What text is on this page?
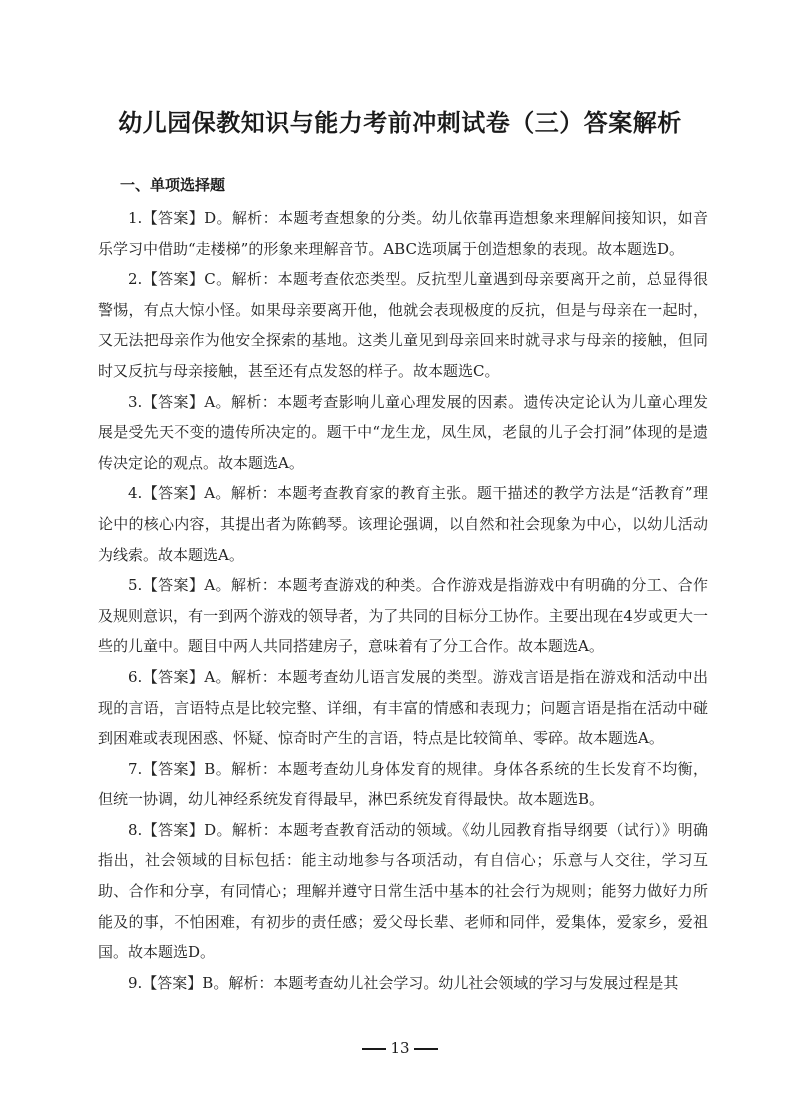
幼儿园保教知识与能力考前冲刺试卷（三）答案解析
一、单项选择题

1.【答案】D。解析：本题考查想象的分类。幼儿依靠再造想象来理解间接知识，如音乐学习中借助“走楼梯”的形象来理解音节。ABC选项属于创造想象的表现。故本题选D。

2.【答案】C。解析：本题考查依恋类型。反抗型儿童遇到母亲要离开之前，总显得很警惕，有点大惊小怪。如果母亲要离开他，他就会表现极度的反抗，但是与母亲在一起时，又无法把母亲作为他安全探索的基地。这类儿童见到母亲回来时就寻求与母亲的接触，但同时又反抗与母亲接触，甚至还有点发怒的样子。故本题选C。

3.【答案】A。解析：本题考查影响儿童心理发展的因素。遗传决定论认为儿童心理发展是受先天不变的遗传所决定的。题干中“龙生龙，凤生凤，老鼠的儿子会打洞”体现的是遗传决定论的观点。故本题选A。

4.【答案】A。解析：本题考查教育家的教育主张。题干描述的教学方法是“活教育”理论中的核心内容，其提出者为陈鹤琴。该理论强调，以自然和社会现象为中心，以幼儿活动为线索。故本题选A。

5.【答案】A。解析：本题考查游戏的种类。合作游戏是指游戏中有明确的分工、合作及规则意识，有一到两个游戏的领导者，为了共同的目标分工协作。主要出现在4岁或更大一些的儿童中。题目中两人共同搭建房子，意味着有了分工合作。故本题选A。

6.【答案】A。解析：本题考查幼儿语言发展的类型。游戏言语是指在游戏和活动中出现的言语，言语特点是比较完整、详细，有丰富的情感和表现力；问题言语是指在活动中碰到困难或表现困惑、怀疑、惊奇时产生的言语，特点是比较简单、零碎。故本题选A。

7.【答案】B。解析：本题考查幼儿身体发育的规律。身体各系统的生长发育不均衡，但统一协调，幼儿神经系统发育得最早，淋巴系统发育得最快。故本题选B。

8.【答案】D。解析：本题考查教育活动的领域。《幼儿园教育指导纲要（试行）》明确指出，社会领域的目标包括：能主动地参与各项活动，有自信心；乐意与人交往，学习互助、合作和分享，有同情心；理解并遵守日常生活中基本的社会行为规则；能努力做好力所能及的事，不怕困难，有初步的责任感；爱父母长辈、老师和同伴，爱集体，爱家乡，爱祖国。故本题选D。

9.【答案】B。解析：本题考查幼儿社会学习。幼儿社会领域的学习与发展过程是其

13
